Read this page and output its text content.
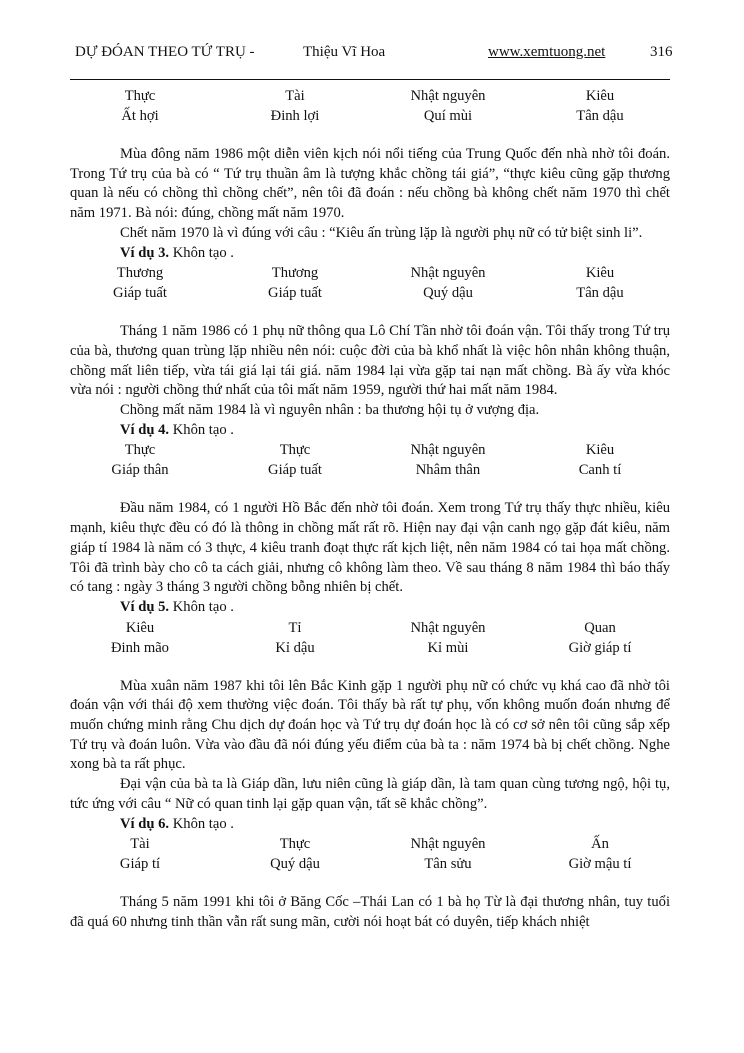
DỰ ĐÓAN THEO TỨ TRỤ -	Thiệu Vĩ Hoa	www.xemtuong.net	316
Thực	Tài	Nhật nguyên	Kiêu
Ất hợi	Đinh lợi	Quí mùi	Tân dậu

Mùa đông năm 1986 một diễn viên kịch nói nổi tiếng của Trung Quốc đến nhà nhờ tôi đoán. Trong Tứ trụ của bà có “ Tứ trụ thuần âm là tượng khắc chồng tái giá”, “thực kiêu cũng gặp thương quan là nếu có chồng thì chồng chết”, nên tôi đã đoán : nếu chồng bà không chết năm 1970 thì chết năm 1971. Bà nói: đúng, chồng mất năm 1970.

Chết năm 1970 là vì đúng với câu : “Kiêu ấn trùng lặp là người phụ nữ có tử biệt sinh li”.

Ví dụ 3. Khôn tạo .
Thương	Thương	Nhật nguyên	Kiêu
Giáp tuất	Giáp tuất	Quý dậu	Tân dậu

Tháng 1 năm 1986 có 1 phụ nữ thông qua Lô Chí Tần nhờ tôi đoán vận. Tôi thấy trong Tứ trụ của bà, thương quan trùng lặp nhiều nên nói: cuộc đời của bà khổ nhất là việc hôn nhân không thuận, chồng mất liên tiếp, vừa tái giá lại tái giá. năm 1984 lại vừa gặp tai nạn mất chồng. Bà ấy vừa khóc vừa nói : người chồng thứ nhất của tôi mất năm 1959, người thứ hai mất năm 1984.

Chồng mất năm 1984 là vì nguyên nhân : ba thương hội tụ ở vượng địa.

Ví dụ 4. Khôn tạo .
Thực	Thực	Nhật nguyên	Kiêu
Giáp thân	Giáp tuất	Nhâm thân	Canh tí

Đầu năm 1984, có 1 người Hồ Bắc đến nhờ tôi đoán. Xem trong Tứ trụ thấy thực nhiều, kiêu mạnh, kiêu thực đều có đó là thông in chồng mất rất rõ. Hiện nay đại vận canh ngọ gặp đát kiêu, năm giáp tí 1984 là năm có 3 thực, 4 kiêu tranh đoạt thực rất kịch liệt, nên năm 1984 có tai họa mất chồng. Tôi đã trình bày cho cô ta cách giải, nhưng cô không làm theo. Về sau tháng 8 năm 1984 thì báo thấy có tang : ngày 3 tháng 3 người chồng bỗng nhiên bị chết.

Ví dụ 5. Khôn tạo .
Kiêu	Tỉ	Nhật nguyên	Quan
Đinh mão	Kỉ dậu	Kỉ mùi	Giờ giáp tí

Mùa xuân năm 1987 khi tôi lên Bắc Kinh gặp 1 người phụ nữ có chức vụ khá cao đã nhờ tôi đoán vận với thái độ xem thường việc đoán. Tôi thấy bà rất tự phụ, vốn không muốn đoán nhưng để muốn chứng minh rằng Chu dịch dự đoán học và Tứ trụ dự đoán học là có cơ sở nên tôi cũng sắp xếp Tứ trụ và đoán luôn. Vừa vào đầu đã nói đúng yếu điểm của bà ta : năm 1974 bà bị chết chồng. Nghe xong bà ta rất phục.

Đại vận của bà ta là Giáp dần, lưu niên cũng là giáp dần, là tam quan cùng tương ngộ, hội tụ, tức ứng với câu “ Nữ có quan tinh lại gặp quan vận, tất sẽ khắc chồng”.

Ví dụ 6. Khôn tạo .
Tài	Thực	Nhật nguyên	Ấn
Giáp tí	Quý dậu	Tân sửu	Giờ mậu tí

Tháng 5 năm 1991 khi tôi ở Băng Cốc –Thái Lan có 1 bà họ Từ là đại thương nhân, tuy tuổi đã quá 60 nhưng tinh thần vẫn rất sung mãn, cười nói hoạt bát có duyên, tiếp khách nhiệt
